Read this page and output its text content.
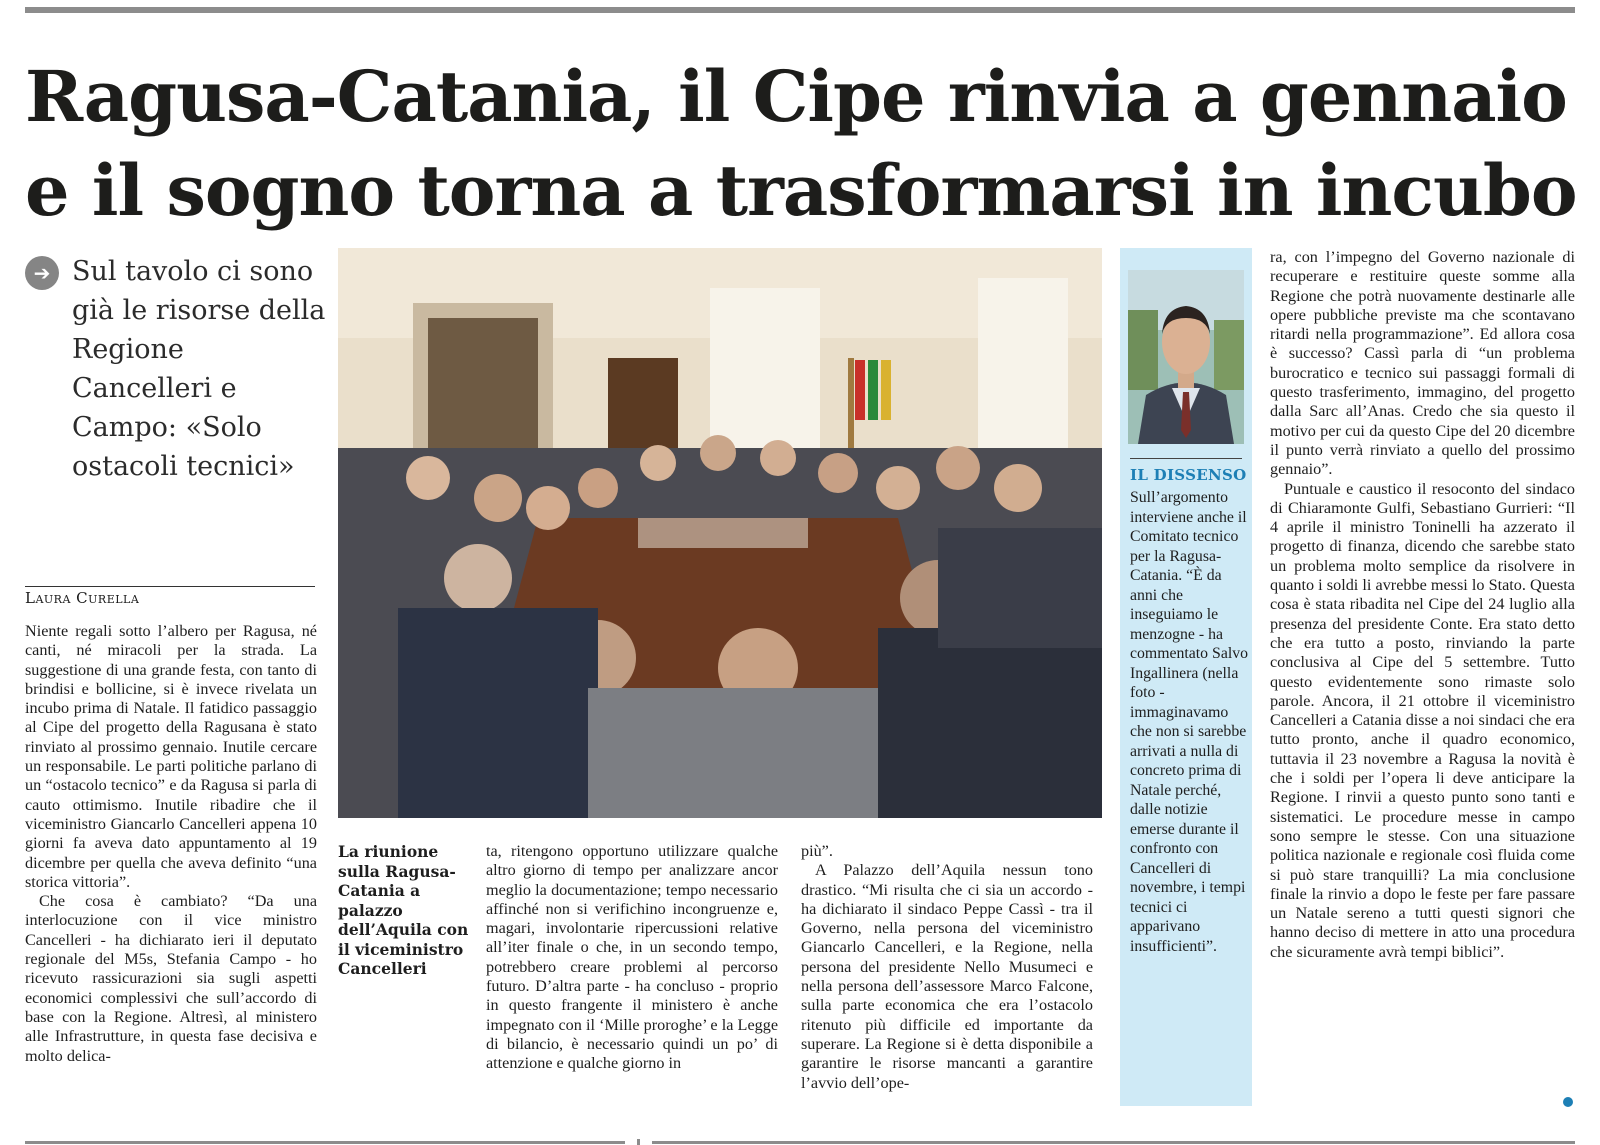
Ragusa-Catania, il Cipe rinvia a gennaio
e il sogno torna a trasformarsi in incubo
➔ Sul tavolo ci sono già le risorse della Regione Cancelleri e Campo: «Solo ostacoli tecnici»
Laura Curella

Niente regali sotto l’albero per Ragusa, né canti, né miracoli per la strada. La suggestione di una grande festa, con tanto di brindisi e bollicine, si è invece rivelata un incubo prima di Natale. Il fatidico passaggio al Cipe del progetto della Ragusana è stato rinviato al prossimo gennaio. Inutile cercare un responsabile. Le parti politiche parlano di un “ostacolo tecnico” e da Ragusa si parla di cauto ottimismo. Inutile ribadire che il viceministro Giancarlo Cancelleri appena 10 giorni fa aveva dato appuntamento al 19 dicembre per quella che aveva definito “una storica vittoria”.

Che cosa è cambiato? “Da una interlocuzione con il vice ministro Cancelleri - ha dichiarato ieri il deputato regionale del M5s, Stefania Campo - ho ricevuto rassicurazioni sia sugli aspetti economici complessivi che sull’accordo di base con la Regione. Altresì, al ministero alle Infrastrutture, in questa fase decisiva e molto delica-

La riunione sulla Ragusa-Catania a palazzo dell’Aquila con il viceministro Cancelleri

ta, ritengono opportuno utilizzare qualche altro giorno di tempo per analizzare ancor meglio la documentazione; tempo necessario affinché non si verifichino incongruenze e, magari, involontarie ripercussioni relative all’iter finale o che, in un secondo tempo, potrebbero creare problemi al percorso futuro. D’altra parte - ha concluso - proprio in questo frangente il ministero è anche impegnato con il ‘Mille proroghe’ e la Legge di bilancio, è necessario quindi un po’ di attenzione e qualche giorno in

più”.

A Palazzo dell’Aquila nessun tono drastico. “Mi risulta che ci sia un accordo - ha dichiarato il sindaco Peppe Cassì - tra il Governo, nella persona del viceministro Giancarlo Cancelleri, e la Regione, nella persona del presidente Nello Musumeci e nella persona dell’assessore Marco Falcone, sulla parte economica che era l’ostacolo ritenuto più difficile ed importante da superare. La Regione si è detta disponibile a garantire le risorse mancanti a garantire l’avvio dell’ope-

IL DISSENSO

Sull’argomento interviene anche il Comitato tecnico per la Ragusa-Catania. “È da anni che inseguiamo le menzogne - ha commentato Salvo Ingallinera (nella foto - immaginavamo che non si sarebbe arrivati a nulla di concreto prima di Natale perché, dalle notizie emerse durante il confronto con Cancelleri di novembre, i tempi tecnici ci apparivano insufficienti”.

ra, con l’impegno del Governo nazionale di recuperare e restituire queste somme alla Regione che potrà nuovamente destinarle alle opere pubbliche previste ma che scontavano ritardi nella programmazione”. Ed allora cosa è successo? Cassì parla di “un problema burocratico e tecnico sui passaggi formali di questo trasferimento, immagino, del progetto dalla Sarc all’Anas. Credo che sia questo il motivo per cui da questo Cipe del 20 dicembre il punto verrà rinviato a quello del prossimo gennaio”.

Puntuale e caustico il resoconto del sindaco di Chiaramonte Gulfi, Sebastiano Gurrieri: “Il 4 aprile il ministro Toninelli ha azzerato il progetto di finanza, dicendo che sarebbe stato un problema molto semplice da risolvere in quanto i soldi li avrebbe messi lo Stato. Questa cosa è stata ribadita nel Cipe del 24 luglio alla presenza del presidente Conte. Era stato detto che era tutto a posto, rinviando la parte conclusiva al Cipe del 5 settembre. Tutto questo evidentemente sono rimaste solo parole. Ancora, il 21 ottobre il viceministro Cancelleri a Catania disse a noi sindaci che era tutto pronto, anche il quadro economico, tuttavia il 23 novembre a Ragusa la novità è che i soldi per l’opera li deve anticipare la Regione. I rinvii a questo punto sono tanti e sistematici. Le procedure messe in campo sono sempre le stesse. Con una situazione politica nazionale e regionale così fluida come si può stare tranquilli? La mia conclusione finale la rinvio a dopo le feste per fare passare un Natale sereno a tutti questi signori che hanno deciso di mettere in atto una procedura che sicuramente avrà tempi biblici”.
